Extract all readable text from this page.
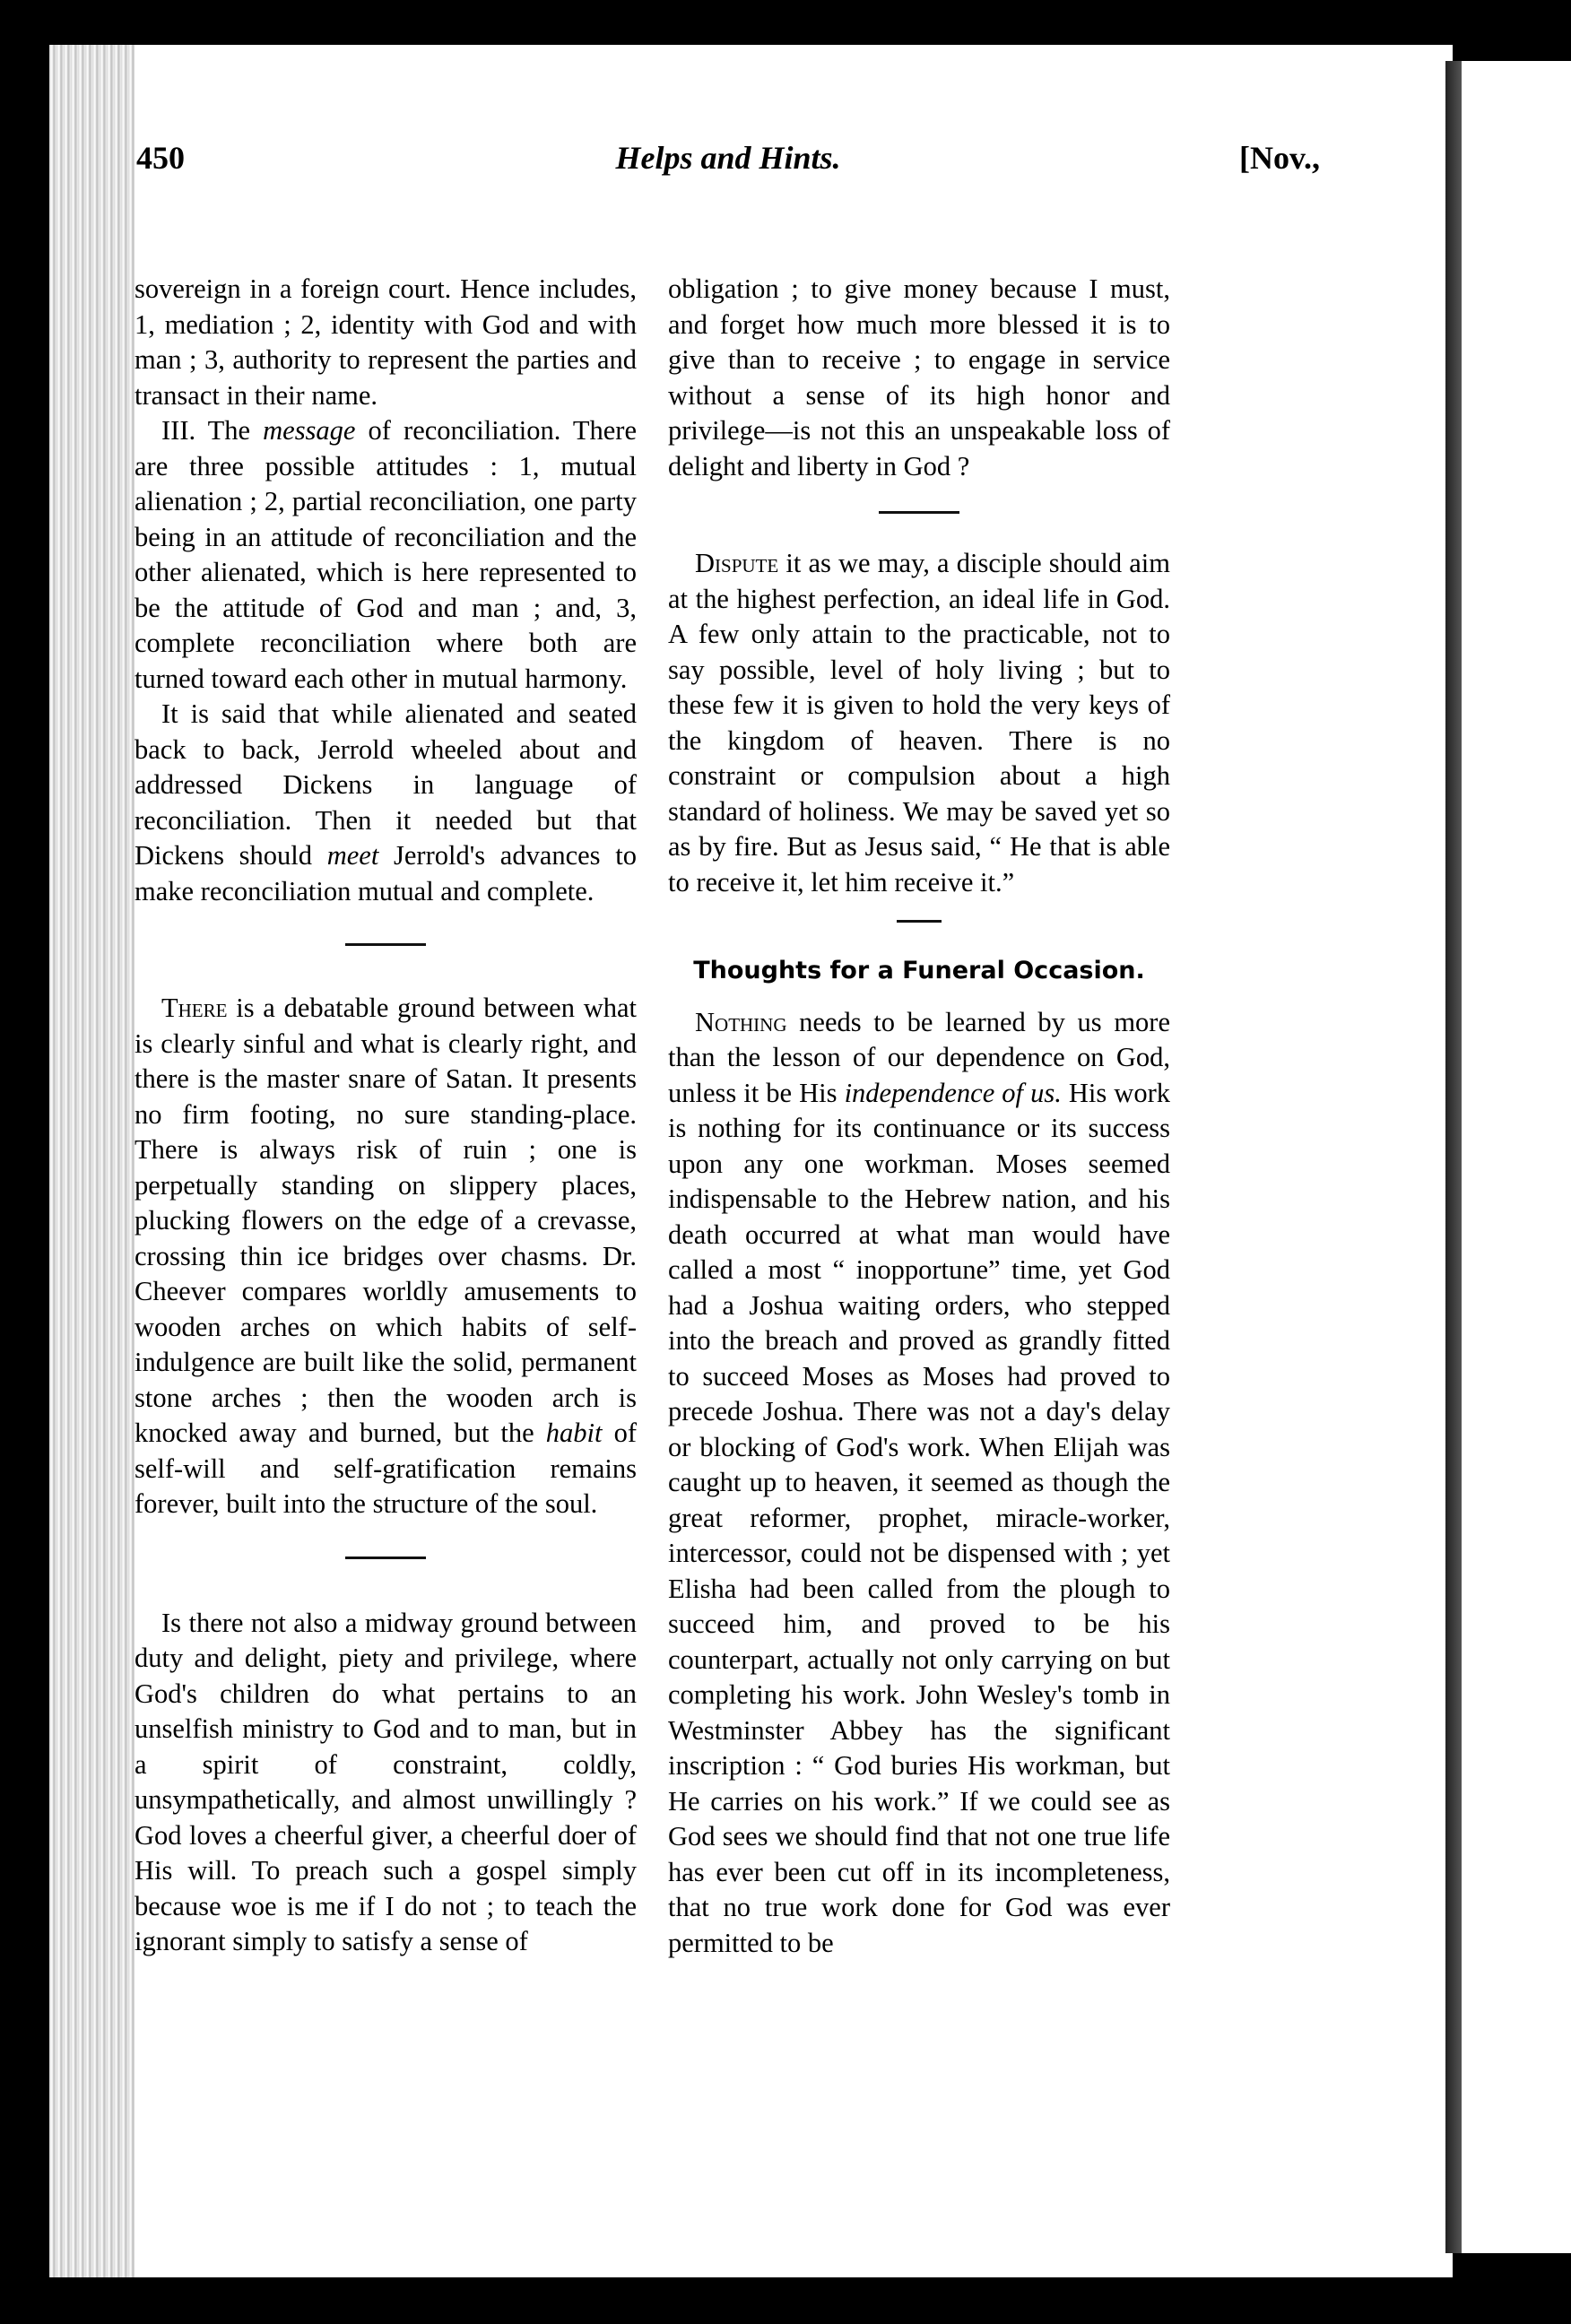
450	Helps and Hints.	[Nov.,

sovereign in a foreign court. Hence includes, 1, mediation ; 2, identity with God and with man ; 3, authority to represent the parties and transact in their name.

III. The message of reconciliation. There are three possible attitudes : 1, mutual alienation ; 2, partial reconciliation, one party being in an attitude of reconciliation and the other alienated, which is here represented to be the attitude of God and man ; and, 3, complete reconciliation where both are turned toward each other in mutual harmony.

It is said that while alienated and seated back to back, Jerrold wheeled about and addressed Dickens in language of reconciliation. Then it needed but that Dickens should meet Jerrold's advances to make reconciliation mutual and complete.

There is a debatable ground between what is clearly sinful and what is clearly right, and there is the master snare of Satan. It presents no firm footing, no sure standing-place. There is always risk of ruin ; one is perpetually standing on slippery places, plucking flowers on the edge of a crevasse, crossing thin ice bridges over chasms. Dr. Cheever compares worldly amusements to wooden arches on which habits of self-indulgence are built like the solid, permanent stone arches ; then the wooden arch is knocked away and burned, but the habit of self-will and self-gratification remains forever, built into the structure of the soul.

Is there not also a midway ground between duty and delight, piety and privilege, where God's children do what pertains to an unselfish ministry to God and to man, but in a spirit of constraint, coldly, unsympathetically, and almost unwillingly ? God loves a cheerful giver, a cheerful doer of His will. To preach such a gospel simply because woe is me if I do not ; to teach the ignorant simply to satisfy a sense of

obligation ; to give money because I must, and forget how much more blessed it is to give than to receive ; to engage in service without a sense of its high honor and privilege—is not this an unspeakable loss of delight and liberty in God ?

Dispute it as we may, a disciple should aim at the highest perfection, an ideal life in God. A few only attain to the practicable, not to say possible, level of holy living ; but to these few it is given to hold the very keys of the kingdom of heaven. There is no constraint or compulsion about a high standard of holiness. We may be saved yet so as by fire. But as Jesus said, “ He that is able to receive it, let him receive it.”

Thoughts for a Funeral Occasion.

Nothing needs to be learned by us more than the lesson of our dependence on God, unless it be His independence of us. His work is nothing for its continuance or its success upon any one workman. Moses seemed indispensable to the Hebrew nation, and his death occurred at what man would have called a most “ inopportune” time, yet God had a Joshua waiting orders, who stepped into the breach and proved as grandly fitted to succeed Moses as Moses had proved to precede Joshua. There was not a day's delay or blocking of God's work. When Elijah was caught up to heaven, it seemed as though the great reformer, prophet, miracle-worker, intercessor, could not be dispensed with ; yet Elisha had been called from the plough to succeed him, and proved to be his counterpart, actually not only carrying on but completing his work. John Wesley's tomb in Westminster Abbey has the significant inscription : “ God buries His workman, but He carries on his work.” If we could see as God sees we should find that not one true life has ever been cut off in its incompleteness, that no true work done for God was ever permitted to be
